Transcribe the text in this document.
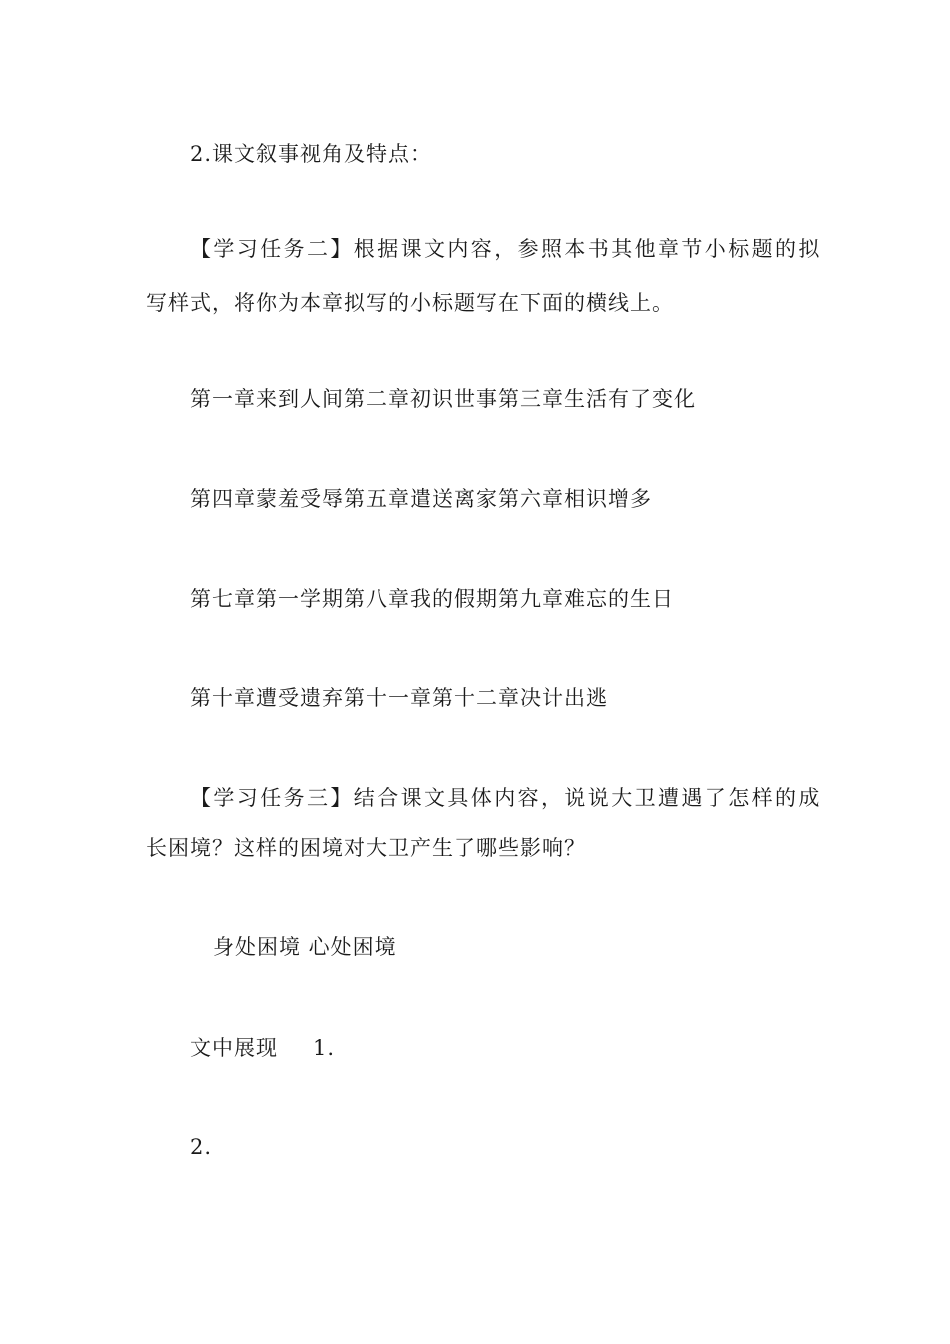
2.课文叙事视角及特点：
【学习任务二】根据课文内容，参照本书其他章节小标题的拟
写样式，将你为本章拟写的小标题写在下面的横线上。
第一章来到人间第二章初识世事第三章生活有了变化
第四章蒙羞受辱第五章遣送离家第六章相识增多
第七章第一学期第八章我的假期第九章难忘的生日
第十章遭受遗弃第十一章第十二章决计出逃
【学习任务三】结合课文具体内容，说说大卫遭遇了怎样的成
长困境？这样的困境对大卫产生了哪些影响？
身处困境 心处困境
文中展现 1.
2.
